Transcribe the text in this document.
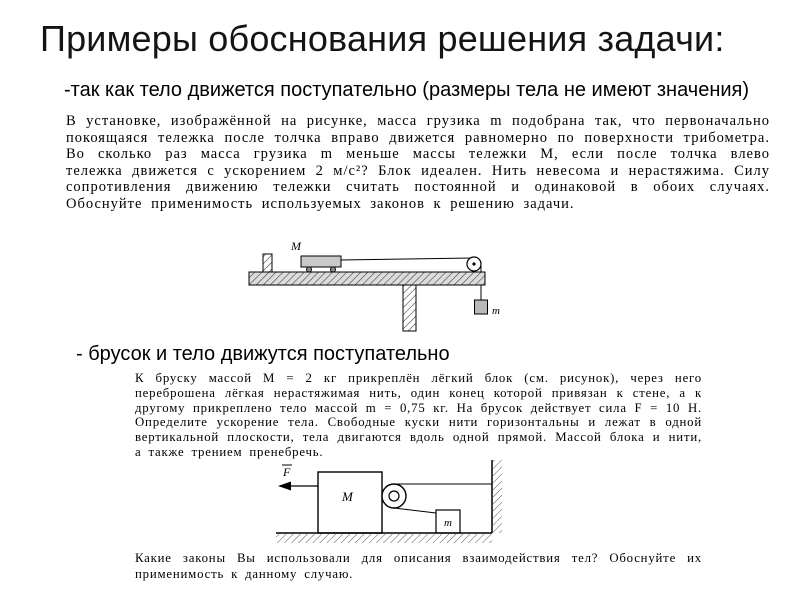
Примеры обоснования решения задачи:
-так как тело движется поступательно (размеры тела не имеют значения)
В установке, изображённой на рисунке, масса грузика m подобрана так, что первоначально покоящаяся тележка после толчка вправо движется равномерно по поверхности трибометра. Во сколько раз масса грузика m меньше массы тележки M, если после толчка влево тележка движется с ускорением 2 м/с²? Блок идеален. Нить невесома и нерастяжима. Силу сопротивления движению тележки считать постоянной и одинаковой в обоих случаях. Обоснуйте применимость используемых законов к решению задачи.
M
m
- брусок и тело движутся поступательно
К бруску массой M = 2 кг прикреплён лёгкий блок (см. рисунок), через него переброшена лёгкая нерастяжимая нить, один конец которой привязан к стене, а к другому прикреплено тело массой m = 0,75 кг. На брусок действует сила F = 10 Н. Определите ускорение тела. Свободные куски нити горизонтальны и лежат в одной вертикальной плоскости, тела двигаются вдоль одной прямой. Массой блока и нити, а также трением пренебречь.
F
M
m
Какие законы Вы использовали для описания взаимодействия тел? Обоснуйте их применимость к данному случаю.
